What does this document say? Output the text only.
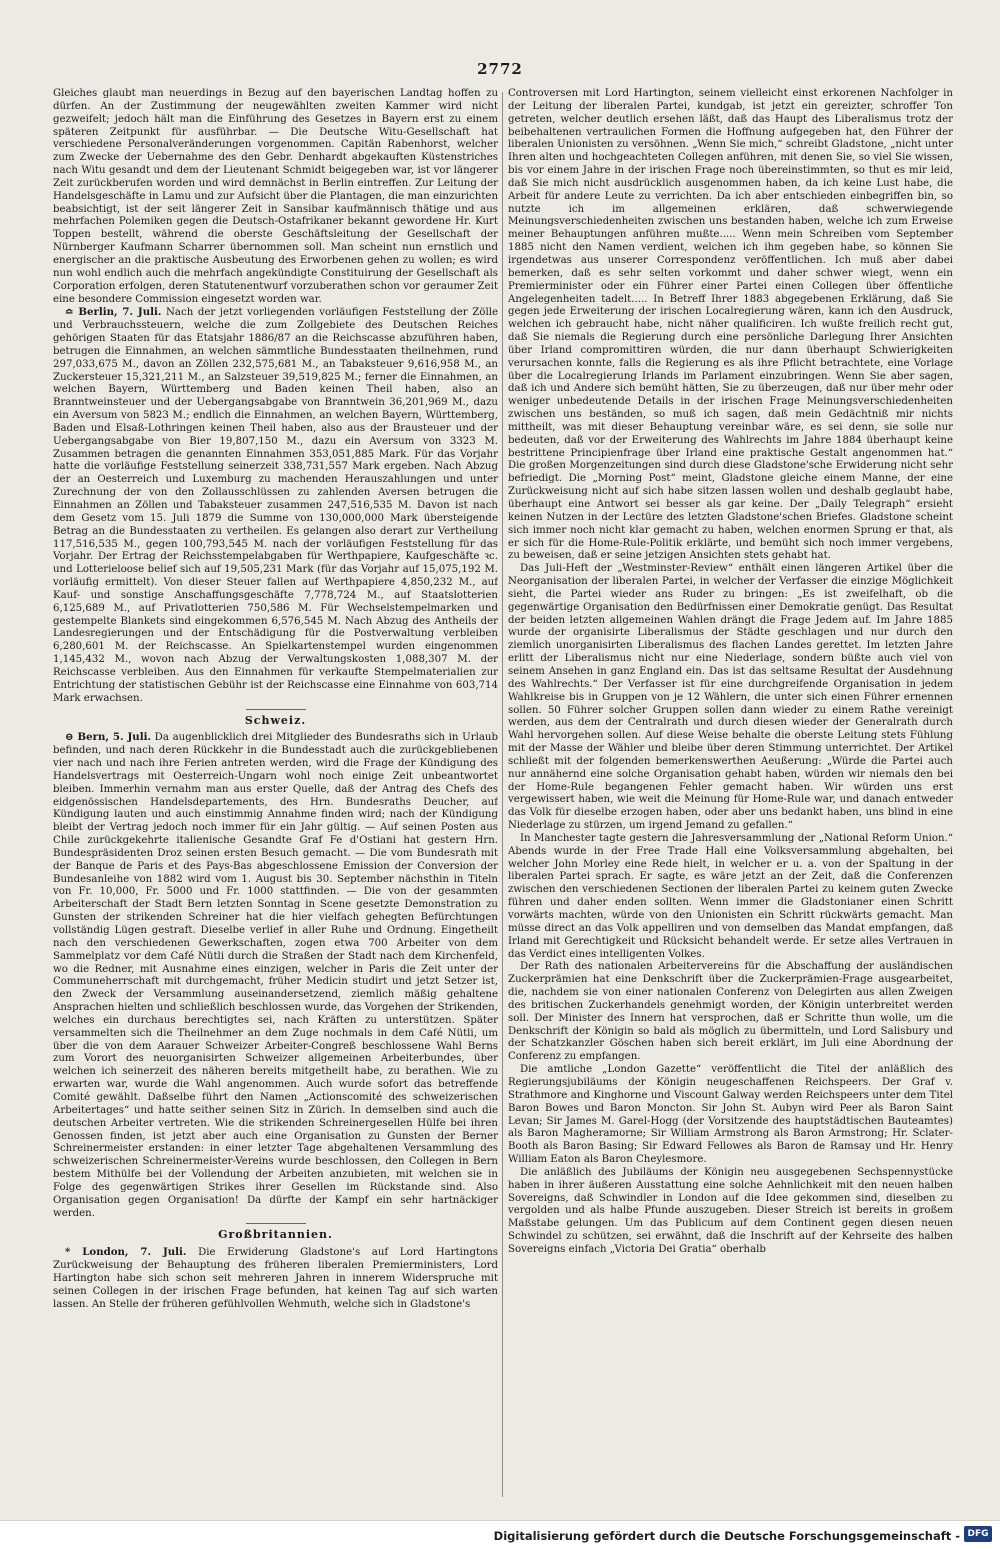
2772

Gleiches glaubt man neuerdings in Bezug auf den bayerischen Landtag hoffen zu dürfen. An der Zustimmung der neugewählten zweiten Kammer wird nicht gezweifelt; jedoch hält man die Einführung des Gesetzes in Bayern erst zu einem späteren Zeitpunkt für ausführbar. — Die Deutsche Witu-Gesellschaft hat verschiedene Personalveränderungen vorgenommen. Capitän Rabenhorst, welcher zum Zwecke der Uebernahme des den Gebr. Denhardt abgekauften Küstenstriches nach Witu gesandt und dem der Lieutenant Schmidt beigegeben war, ist vor längerer Zeit zurückberufen worden und wird demnächst in Berlin eintreffen. Zur Leitung der Handelsgeschäfte in Lamu und zur Aufsicht über die Plantagen, die man einzurichten beabsichtigt, ist der seit längerer Zeit in Sansibar kaufmännisch thätige und aus mehrfachen Polemiken gegen die Deutsch-Ostafrikaner bekannt gewordene Hr. Kurt Toppen bestellt, während die oberste Geschäftsleitung der Gesellschaft der Nürnberger Kaufmann Scharrer übernommen soll. Man scheint nun ernstlich und energischer an die praktische Ausbeutung des Erworbenen gehen zu wollen; es wird nun wohl endlich auch die mehrfach angekündigte Constituirung der Gesellschaft als Corporation erfolgen, deren Statutenentwurf vorzuberathen schon vor geraumer Zeit eine besondere Commission eingesetzt worden war.

≏ Berlin, 7. Juli. Nach der jetzt vorliegenden vorläufigen Feststellung der Zölle und Verbrauchssteuern, welche die zum Zollgebiete des Deutschen Reiches gehörigen Staaten für das Etatsjahr 1886/87 an die Reichscasse abzuführen haben, betrugen die Einnahmen, an welchen sämmtliche Bundesstaaten theilnehmen, rund 297,033,675 M., davon an Zöllen 232,575,681 M., an Tabaksteuer 9,616,958 M., an Zuckersteuer 15,321,211 M., an Salzsteuer 39,519,825 M.; ferner die Einnahmen, an welchen Bayern, Württemberg und Baden keinen Theil haben, also an Branntweinsteuer und der Uebergangsabgabe von Branntwein 36,201,969 M., dazu ein Aversum von 5823 M.; endlich die Einnahmen, an welchen Bayern, Württemberg, Baden und Elsaß-Lothringen keinen Theil haben, also aus der Brausteuer und der Uebergangsabgabe von Bier 19,807,150 M., dazu ein Aversum von 3323 M. Zusammen betragen die genannten Einnahmen 353,051,885 Mark. Für das Vorjahr hatte die vorläufige Feststellung seinerzeit 338,731,557 Mark ergeben. Nach Abzug der an Oesterreich und Luxemburg zu machenden Herauszahlungen und unter Zurechnung der von den Zollausschlüssen zu zahlenden Aversen betrugen die Einnahmen an Zöllen und Tabaksteuer zusammen 247,516,535 M. Davon ist nach dem Gesetz vom 15. Juli 1879 die Summe von 130,000,000 Mark übersteigende Betrag an die Bundesstaaten zu vertheilen. Es gelangen also derart zur Vertheilung 117,516,535 M., gegen 100,793,545 M. nach der vorläufigen Feststellung für das Vorjahr. Der Ertrag der Reichsstempelabgaben für Werthpapiere, Kaufgeschäfte ꝛc. und Lotterieloose belief sich auf 19,505,231 Mark (für das Vorjahr auf 15,075,192 M. vorläufig ermittelt). Von dieser Steuer fallen auf Werthpapiere 4,850,232 M., auf Kauf- und sonstige Anschaffungsgeschäfte 7,778,724 M., auf Staatslotterien 6,125,689 M., auf Privatlotterien 750,586 M. Für Wechselstempelmarken und gestempelte Blankets sind eingekommen 6,576,545 M. Nach Abzug des Antheils der Landesregierungen und der Entschädigung für die Postverwaltung verbleiben 6,280,601 M. der Reichscasse. An Spielkartenstempel wurden eingenommen 1,145,432 M., wovon nach Abzug der Verwaltungskosten 1,088,307 M. der Reichscasse verbleiben. Aus den Einnahmen für verkaufte Stempelmaterialien zur Entrichtung der statistischen Gebühr ist der Reichscasse eine Einnahme von 603,714 Mark erwachsen.

Schweiz.

⊖ Bern, 5. Juli. Da augenblicklich drei Mitglieder des Bundesraths sich in Urlaub befinden, und nach deren Rückkehr in die Bundesstadt auch die zurückgebliebenen vier nach und nach ihre Ferien antreten werden, wird die Frage der Kündigung des Handelsvertrags mit Oesterreich-Ungarn wohl noch einige Zeit unbeantwortet bleiben. Immerhin vernahm man aus erster Quelle, daß der Antrag des Chefs des eidgenössischen Handelsdepartements, des Hrn. Bundesraths Deucher, auf Kündigung lauten und auch einstimmig Annahme finden wird; nach der Kündigung bleibt der Vertrag jedoch noch immer für ein Jahr gültig. — Auf seinen Posten aus Chile zurückgekehrte italienische Gesandte Graf Fe d'Ostiani hat gestern Hrn. Bundespräsidenten Droz seinen ersten Besuch gemacht. — Die vom Bundesrath mit der Banque de Paris et des Pays-Bas abgeschlossene Emission der Conversion der Bundesanleihe von 1882 wird vom 1. August bis 30. September nächsthin in Titeln von Fr. 10,000, Fr. 5000 und Fr. 1000 stattfinden. — Die von der gesammten Arbeiterschaft der Stadt Bern letzten Sonntag in Scene gesetzte Demonstration zu Gunsten der strikenden Schreiner hat die hier vielfach gehegten Befürchtungen vollständig Lügen gestraft. Dieselbe verlief in aller Ruhe und Ordnung. Eingetheilt nach den verschiedenen Gewerkschaften, zogen etwa 700 Arbeiter von dem Sammelplatz vor dem Café Nütli durch die Straßen der Stadt nach dem Kirchenfeld, wo die Redner, mit Ausnahme eines einzigen, welcher in Paris die Zeit unter der Communeherrschaft mit durchgemacht, früher Medicin studirt und jetzt Setzer ist, den Zweck der Versammlung auseinandersetzend, ziemlich mäßig gehaltene Ansprachen hielten und schließlich beschlossen wurde, das Vorgehen der Strikenden, welches ein durchaus berechtigtes sei, nach Kräften zu unterstützen. Später versammelten sich die Theilnehmer an dem Zuge nochmals in dem Café Nütli, um über die von dem Aarauer Schweizer Arbeiter-Congreß beschlossene Wahl Berns zum Vorort des neuorganisirten Schweizer allgemeinen Arbeiterbundes, über welchen ich seinerzeit des näheren bereits mitgetheilt habe, zu berathen. Wie zu erwarten war, wurde die Wahl angenommen. Auch wurde sofort das betreffende Comité gewählt. Daßselbe führt den Namen „Actionscomité des schweizerischen Arbeitertages“ und hatte seither seinen Sitz in Zürich. In demselben sind auch die deutschen Arbeiter vertreten. Wie die strikenden Schreinergesellen Hülfe bei ihren Genossen finden, ist jetzt aber auch eine Organisation zu Gunsten der Berner Schreinermeister erstanden: in einer letzter Tage abgehaltenen Versammlung des schweizerischen Schreinermeister-Vereins wurde beschlossen, den Collegen in Bern bestem Mithülfe bei der Vollendung der Arbeiten anzubieten, mit welchen sie in Folge des gegenwärtigen Strikes ihrer Gesellen im Rückstande sind. Also Organisation gegen Organisation! Da dürfte der Kampf ein sehr hartnäckiger werden.

Großbritannien.

* London, 7. Juli. Die Erwiderung Gladstone's auf Lord Hartingtons Zurückweisung der Behauptung des früheren liberalen Premierministers, Lord Hartington habe sich schon seit mehreren Jahren in innerem Widerspruche mit seinen Collegen in der irischen Frage befunden, hat keinen Tag auf sich warten lassen. An Stelle der früheren gefühlvollen Wehmuth, welche sich in Gladstone's

Controversen mit Lord Hartington, seinem vielleicht einst erkorenen Nachfolger in der Leitung der liberalen Partei, kundgab, ist jetzt ein gereizter, schroffer Ton getreten, welcher deutlich ersehen läßt, daß das Haupt des Liberalismus trotz der beibehaltenen vertraulichen Formen die Hoffnung aufgegeben hat, den Führer der liberalen Unionisten zu versöhnen. „Wenn Sie mich,“ schreibt Gladstone, „nicht unter Ihren alten und hochgeachteten Collegen anführen, mit denen Sie, so viel Sie wissen, bis vor einem Jahre in der irischen Frage noch übereinstimmten, so thut es mir leid, daß Sie mich nicht ausdrücklich ausgenommen haben, da ich keine Lust habe, die Arbeit für andere Leute zu verrichten. Da ich aber entschieden einbegriffen bin, so nutzte ich im allgemeinen erklären, daß schwerwiegende Meinungsverschiedenheiten zwischen uns bestanden haben, welche ich zum Erweise meiner Behauptungen anführen mußte..... Wenn mein Schreiben vom September 1885 nicht den Namen verdient, welchen ich ihm gegeben habe, so können Sie irgendetwas aus unserer Correspondenz veröffentlichen. Ich muß aber dabei bemerken, daß es sehr selten vorkommt und daher schwer wiegt, wenn ein Premierminister oder ein Führer einer Partei einen Collegen über öffentliche Angelegenheiten tadelt..... In Betreff Ihrer 1883 abgegebenen Erklärung, daß Sie gegen jede Erweiterung der irischen Localregierung wären, kann ich den Ausdruck, welchen ich gebraucht habe, nicht näher qualificiren. Ich wußte freilich recht gut, daß Sie niemals die Regierung durch eine persönliche Darlegung Ihrer Ansichten über Irland compromittiren würden, die nur dann überhaupt Schwierigkeiten verursachen konnte, falls die Regierung es als ihre Pflicht betrachtete, eine Vorlage über die Localregierung Irlands im Parlament einzubringen. Wenn Sie aber sagen, daß ich und Andere sich bemüht hätten, Sie zu überzeugen, daß nur über mehr oder weniger unbedeutende Details in der irischen Frage Meinungsverschiedenheiten zwischen uns beständen, so muß ich sagen, daß mein Gedächtniß mir nichts mittheilt, was mit dieser Behauptung vereinbar wäre, es sei denn, sie solle nur bedeuten, daß vor der Erweiterung des Wahlrechts im Jahre 1884 überhaupt keine bestrittene Principienfrage über Irland eine praktische Gestalt angenommen hat.“ Die großen Morgenzeitungen sind durch diese Gladstone'sche Erwiderung nicht sehr befriedigt. Die „Morning Post“ meint, Gladstone gleiche einem Manne, der eine Zurückweisung nicht auf sich habe sitzen lassen wollen und deshalb geglaubt habe, überhaupt eine Antwort sei besser als gar keine. Der „Daily Telegraph“ ersieht keinen Nutzen in der Lectüre des letzten Gladstone'schen Briefes. Gladstone scheint sich immer noch nicht klar gemacht zu haben, welchen enormen Sprung er that, als er sich für die Home-Rule-Politik erklärte, und bemüht sich noch immer vergebens, zu beweisen, daß er seine jetzigen Ansichten stets gehabt hat.

Das Juli-Heft der „Westminster-Review“ enthält einen längeren Artikel über die Neorganisation der liberalen Partei, in welcher der Verfasser die einzige Möglichkeit sieht, die Partei wieder ans Ruder zu bringen: „Es ist zweifelhaft, ob die gegenwärtige Organisation den Bedürfnissen einer Demokratie genügt. Das Resultat der beiden letzten allgemeinen Wahlen drängt die Frage Jedem auf. Im Jahre 1885 wurde der organisirte Liberalismus der Städte geschlagen und nur durch den ziemlich unorganisirten Liberalismus des flachen Landes gerettet. Im letzten Jahre erlitt der Liberalismus nicht nur eine Niederlage, sondern büßte auch viel von seinem Ansehen in ganz England ein. Das ist das seltsame Resultat der Ausdehnung des Wahlrechts.“ Der Verfasser ist für eine durchgreifende Organisation in jedem Wahlkreise bis in Gruppen von je 12 Wählern, die unter sich einen Führer ernennen sollen. 50 Führer solcher Gruppen sollen dann wieder zu einem Rathe vereinigt werden, aus dem der Centralrath und durch diesen wieder der Generalrath durch Wahl hervorgehen sollen. Auf diese Weise behalte die oberste Leitung stets Fühlung mit der Masse der Wähler und bleibe über deren Stimmung unterrichtet. Der Artikel schließt mit der folgenden bemerkenswerthen Aeußerung: „Würde die Partei auch nur annähernd eine solche Organisation gehabt haben, würden wir niemals den bei der Home-Rule begangenen Fehler gemacht haben. Wir würden uns erst vergewissert haben, wie weit die Meinung für Home-Rule war, und danach entweder das Volk für dieselbe erzogen haben, oder aber uns bedankt haben, uns blind in eine Niederlage zu stürzen, um irgend Jemand zu gefallen.“

In Manchester tagte gestern die Jahresversammlung der „National Reform Union.“ Abends wurde in der Free Trade Hall eine Volksversammlung abgehalten, bei welcher John Morley eine Rede hielt, in welcher er u. a. von der Spaltung in der liberalen Partei sprach. Er sagte, es wäre jetzt an der Zeit, daß die Conferenzen zwischen den verschiedenen Sectionen der liberalen Partei zu keinem guten Zwecke führen und daher enden sollten. Wenn immer die Gladstonianer einen Schritt vorwärts machten, würde von den Unionisten ein Schritt rückwärts gemacht. Man müsse direct an das Volk appelliren und von demselben das Mandat empfangen, daß Irland mit Gerechtigkeit und Rücksicht behandelt werde. Er setze alles Vertrauen in das Verdict eines intelligenten Volkes.

Der Rath des nationalen Arbeitervereins für die Abschaffung der ausländischen Zuckerprämien hat eine Denkschrift über die Zuckerprämien-Frage ausgearbeitet, die, nachdem sie von einer nationalen Conferenz von Delegirten aus allen Zweigen des britischen Zuckerhandels genehmigt worden, der Königin unterbreitet werden soll. Der Minister des Innern hat versprochen, daß er Schritte thun wolle, um die Denkschrift der Königin so bald als möglich zu übermitteln, und Lord Salisbury und der Schatzkanzler Göschen haben sich bereit erklärt, im Juli eine Abordnung der Conferenz zu empfangen.

Die amtliche „London Gazette“ veröffentlicht die Titel der anläßlich des Regierungsjubiläums der Königin neugeschaffenen Reichspeers. Der Graf v. Strathmore and Kinghorne und Viscount Galway werden Reichspeers unter dem Titel Baron Bowes und Baron Moncton. Sir John St. Aubyn wird Peer als Baron Saint Levan; Sir James M. Garel-Hogg (der Vorsitzende des hauptstädtischen Bauteamtes) als Baron Magheramorne; Sir William Armstrong als Baron Armstrong; Hr. Sclater-Booth als Baron Basing; Sir Edward Fellowes als Baron de Ramsay und Hr. Henry William Eaton als Baron Cheylesmore.

Die anläßlich des Jubiläums der Königin neu ausgegebenen Sechspennystücke haben in ihrer äußeren Ausstattung eine solche Aehnlichkeit mit den neuen halben Sovereigns, daß Schwindler in London auf die Idee gekommen sind, dieselben zu vergolden und als halbe Pfunde auszugeben. Dieser Streich ist bereits in großem Maßstabe gelungen. Um das Publicum auf dem Continent gegen diesen neuen Schwindel zu schützen, sei erwähnt, daß die Inschrift auf der Kehrseite des halben Sovereigns einfach „Victoria Dei Gratia“ oberhalb

Digitalisierung gefördert durch die Deutsche Forschungsgemeinschaft - DFG
